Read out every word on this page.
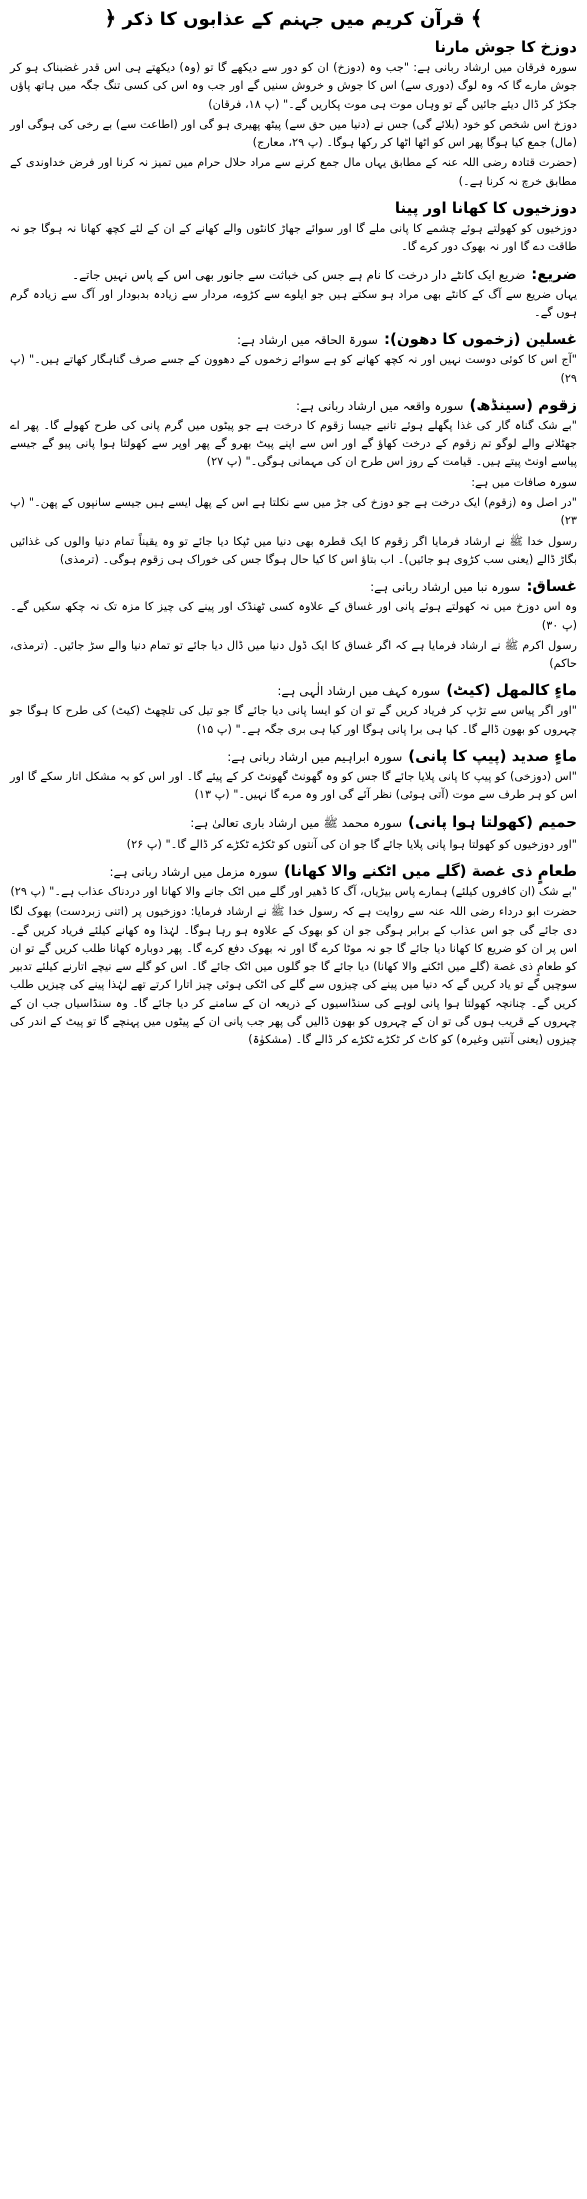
﴾ قرآن کریم میں جہنم کے عذابوں کا ذکر ﴿
دوزخ کا جوش مارنا

سورہ فرقان میں ارشاد ربانی ہے: "جب وہ (دوزخ) ان کو دور سے دیکھے گا تو (وہ) دیکھتے ہی اس قدر غضبناک ہو کر جوش مارے گا کہ وہ لوگ (دوری سے) اس کا جوش و خروش سنیں گے اور جب وہ اس کی کسی تنگ جگہ میں ہاتھ پاؤں جکڑ کر ڈال دیئے جائیں گے تو وہاں موت ہی موت پکاریں گے۔" (پ ۱۸، فرقان)

دوزخ اس شخص کو خود (بلائے گی) جس نے (دنیا میں حق سے) پیٹھ پھیری ہو گی اور (اطاعت سے) بے رخی کی ہوگی اور (مال) جمع کیا ہوگا پھر اس کو اٹھا اٹھا کر رکھا ہوگا۔ (پ ۲۹، معارج)

(حضرت قتادہ رضی اللہ عنہ کے مطابق یہاں مال جمع کرنے سے مراد حلال حرام میں تمیز نہ کرنا اور فرض خداوندی کے مطابق خرچ نہ کرنا ہے۔)

دوزخیوں کا کھانا اور پینا

دوزخیوں کو کھولتے ہوئے چشمے کا پانی ملے گا اور سوائے جھاڑ کانٹوں والے کھانے کے ان کے لئے کچھ کھانا نہ ہوگا جو نہ طاقت دے گا اور نہ بھوک دور کرے گا۔

ضریع:
ضریع ایک کانٹے دار درخت کا نام ہے جس کی خباثت سے جانور بھی اس کے پاس نہیں جاتے۔

یہاں ضریع سے آگ کے کانٹے بھی مراد ہو سکتے ہیں جو ایلوے سے کڑوے، مردار سے زیادہ بدبودار اور آگ سے زیادہ گرم ہوں گے۔

غسلین (زخموں کا دھون):
سورۃ الحاقہ میں ارشاد ہے:

"آج اس کا کوئی دوست نہیں اور نہ کچھ کھانے کو ہے سوائے زخموں کے دھوون کے جسے صرف گناہگار کھاتے ہیں۔" (پ ۲۹)

زقوم (سینڈھ)
سورہ واقعہ میں ارشاد ربانی ہے:

"بے شک گناہ گار کی غذا پگھلے ہوئے تانبے جیسا زقوم کا درخت ہے جو پیٹوں میں گرم پانی کی طرح کھولے گا۔ پھر اے جھٹلانے والے لوگو تم زقوم کے درخت کھاؤ گے اور اس سے اپنے پیٹ بھرو گے پھر اوپر سے کھولتا ہوا پانی پیو گے جیسے پیاسے اونٹ پیتے ہیں۔ قیامت کے روز اس طرح ان کی مہمانی ہوگی۔" (پ ۲۷)

سورہ صافات میں ہے:

"در اصل وہ (زقوم) ایک درخت ہے جو دوزخ کی جڑ میں سے نکلتا ہے اس کے پھل ایسے ہیں جیسے سانپوں کے پھن۔" (پ ۲۳)

رسول خدا ﷺ نے ارشاد فرمایا اگر زقوم کا ایک قطرہ بھی دنیا میں ٹپکا دیا جائے تو وہ یقیناً تمام دنیا والوں کی غذائیں بگاڑ ڈالے (یعنی سب کڑوی ہو جائیں)۔ اب بتاؤ اس کا کیا حال ہوگا جس کی خوراک ہی زقوم ہوگی۔ (ترمذی)

غساق:
سورہ نبا میں ارشاد ربانی ہے:

وہ اس دوزخ میں نہ کھولتے ہوئے پانی اور غساق کے علاوہ کسی ٹھنڈک اور پینے کی چیز کا مزہ تک نہ چکھ سکیں گے۔ (پ ۳۰)

رسول اکرم ﷺ نے ارشاد فرمایا ہے کہ اگر غساق کا ایک ڈول دنیا میں ڈال دیا جائے تو تمام دنیا والے سڑ جائیں۔ (ترمذی، حاکم)

ماءٍ کالمھل (کیٹ)
سورہ کہف میں ارشاد الٰہی ہے:

"اور اگر پیاس سے تڑپ کر فریاد کریں گے تو ان کو ایسا پانی دیا جائے گا جو تیل کی تلچھٹ (کیٹ) کی طرح کا ہوگا جو چہروں کو بھون ڈالے گا۔ کیا ہی برا پانی ہوگا اور کیا ہی بری جگہ ہے۔" (پ ۱۵)

ماءٍ صدید (پیپ کا پانی)
سورہ ابراہیم میں ارشاد ربانی ہے:

"اس (دوزخی) کو پیپ کا پانی پلایا جائے گا جس کو وہ گھونٹ گھونٹ کر کے پیئے گا۔ اور اس کو بہ مشکل اتار سکے گا اور اس کو ہر طرف سے موت (آتی ہوئی) نظر آئے گی اور وہ مرے گا نہیں۔" (پ ۱۳)

حمیم (کھولتا ہوا پانی)
سورہ محمد ﷺ میں ارشاد باری تعالیٰ ہے:

"اور دوزخیوں کو کھولتا ہوا پانی پلایا جائے گا جو ان کی آنتوں کو ٹکڑے ٹکڑے کر ڈالے گا۔" (پ ۲۶)

طعامٍ ذی غصة (گلے میں اٹکنے والا کھانا)
سورہ مزمل میں ارشاد ربانی ہے:

"بے شک (ان کافروں کیلئے) ہمارے پاس بیڑیاں، آگ کا ڈھیر اور گلے میں اٹک جانے والا کھانا اور دردناک عذاب ہے۔" (پ ۲۹)

حضرت ابو درداء رضی اللہ عنہ سے روایت ہے کہ رسول خدا ﷺ نے ارشاد فرمایا: دوزخیوں پر (اتنی زبردست) بھوک لگا دی جائے گی جو اس عذاب کے برابر ہوگی جو ان کو بھوک کے علاوہ ہو رہا ہوگا۔ لہٰذا وہ کھانے کیلئے فریاد کریں گے۔ اس پر ان کو ضریع کا کھانا دیا جائے گا جو نہ موٹا کرے گا اور نہ بھوک دفع کرے گا۔ پھر دوبارہ کھانا طلب کریں گے تو ان کو طعامٍ ذی غصة (گلے میں اٹکنے والا کھانا) دیا جائے گا جو گلوں میں اٹک جائے گا۔ اس کو گلے سے نیچے اتارنے کیلئے تدبیر سوچیں گے تو یاد کریں گے کہ دنیا میں پینے کی چیزوں سے گلے کی اٹکی ہوئی چیز اتارا کرتے تھے لہٰذا پینے کی چیزیں طلب کریں گے۔ چنانچہ کھولتا ہوا پانی لوہے کی سنڈاسیوں کے ذریعہ ان کے سامنے کر دیا جائے گا۔ وہ سنڈاسیاں جب ان کے چہروں کے قریب ہوں گی تو ان کے چہروں کو بھون ڈالیں گی پھر جب پانی ان کے پیٹوں میں پہنچے گا تو پیٹ کے اندر کی چیزوں (یعنی آنتیں وغیرہ) کو کاٹ کر ٹکڑے ٹکڑے کر ڈالے گا۔ (مشکوٰۃ)
